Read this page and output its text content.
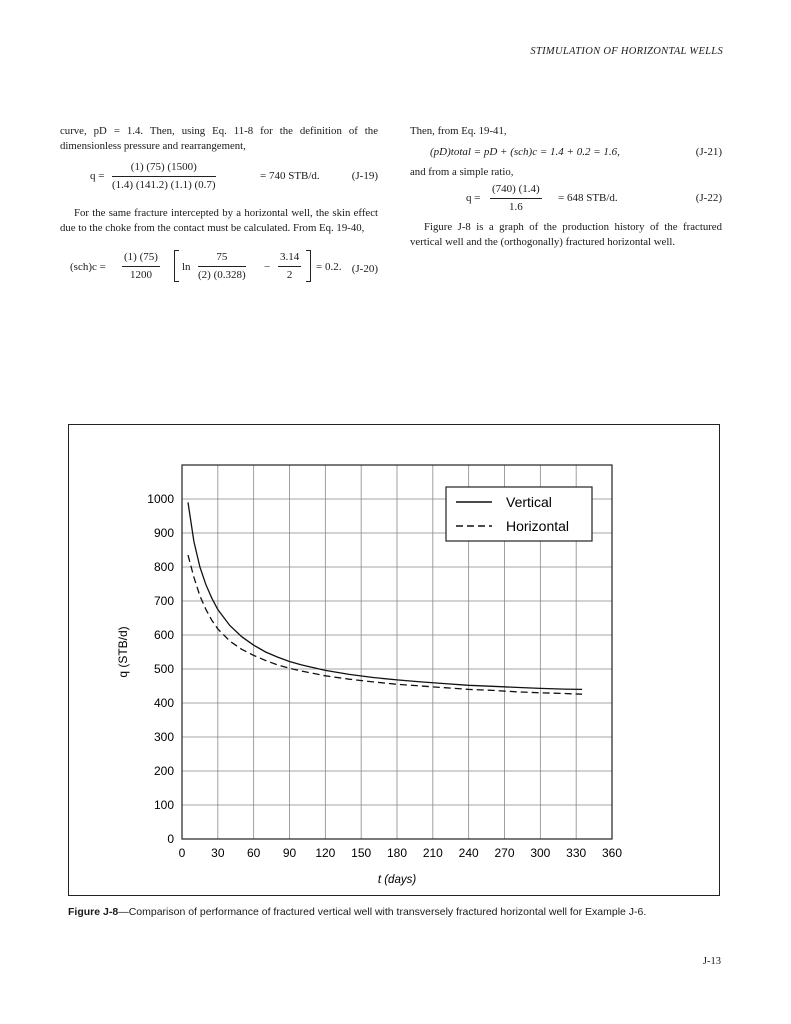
STIMULATION OF HORIZONTAL WELLS
curve, pD = 1.4. Then, using Eq. 11-8 for the definition of the dimensionless pressure and rearrangement,
$q = \frac{(1) (75) (1500)}{(1.4) (141.2) (1.1) (0.7)}$	= 740 STB/d.	(J-19)
For the same fracture intercepted by a horizontal well, the skin effect due to the choke from the contact must be calculated. From Eq. 19-40,
$(sch)c = \frac{(1) (75)}{1200}$ $\ln \frac{75}{(2) (0.328)} - \frac{3.14}{2} = 0.2$. (J-20)
Then, from Eq. 19-41,
(pD)total = pD + (sch)c = 1.4 + 0.2 = 1.6,	(J-21)
and from a simple ratio,
$q = \frac{(740) (1.4)}{1.6} = 648$ STB/d.	(J-22)
Figure J-8 is a graph of the production history of the fractured vertical well and the (orthogonally) fractured horizontal well.
0
100
200
300
400
500
600
700
800
900
1000
0 30 60 90 120 150 180 210 240 270 300 330 360
q (STB/d)
t (days)
Vertical
Horizontal
Figure J-8—Comparison of performance of fractured vertical well with transversely fractured horizontal well for Example J-6.
J-13
